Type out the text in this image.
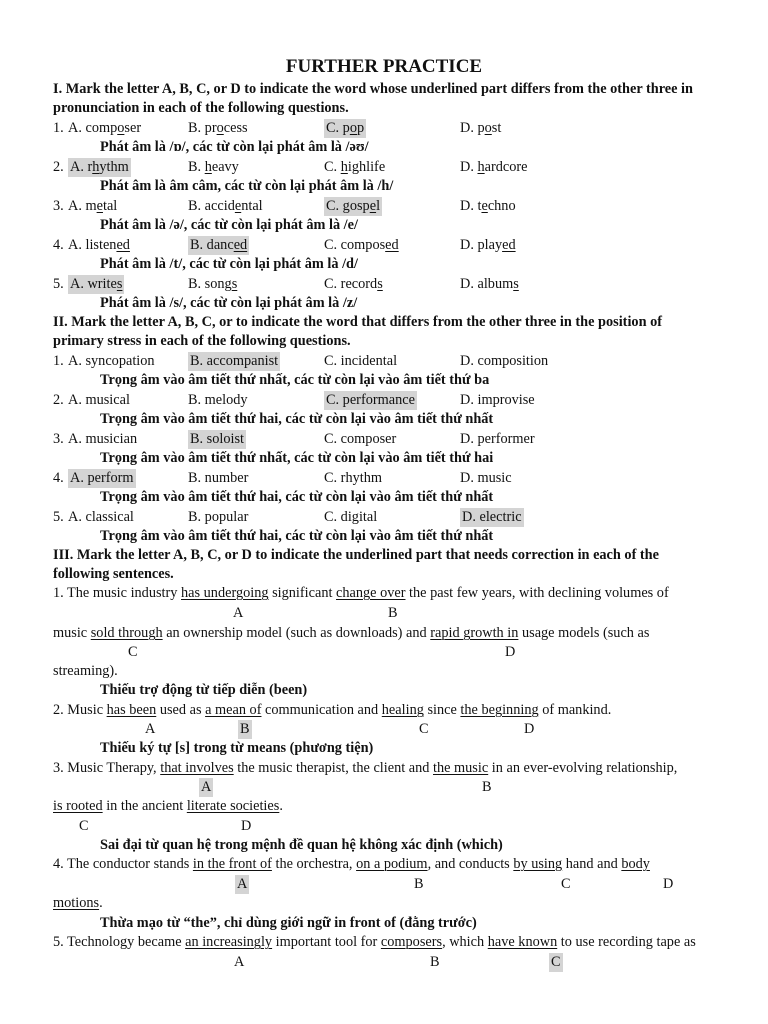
FURTHER PRACTICE
I. Mark the letter A, B, C, or D to indicate the word whose underlined part differs from the other three in
pronunciation in each of the following questions.
1. A. composer	B. process	C. pop	D. post
Phát âm là /ɒ/, các từ còn lại phát âm là /əʊ/
2. A. rhythm	B. heavy	C. highlife	D. hardcore
Phát âm là âm câm, các từ còn lại phát âm là /h/
3. A. metal	B. accidental	C. gospel	D. techno
Phát âm là /ə/, các từ còn lại phát âm là /e/
4. A. listened	B. danced	C. composed	D. played
Phát âm là /t/, các từ còn lại phát âm là /d/
5. A. writes	B. songs	C. records	D. albums
Phát âm là /s/, các từ còn lại phát âm là /z/
II. Mark the letter A, B, C, or to indicate the word that differs from the other three in the position of
primary stress in each of the following questions.
1. A. syncopation B. accompanist	C. incidental	D. composition
Trọng âm vào âm tiết thứ nhất, các từ còn lại vào âm tiết thứ ba
2. A. musical	B. melody	C. performance	D. improvise
Trọng âm vào âm tiết thứ hai, các từ còn lại vào âm tiết thứ nhất
3. A. musician	B. soloist	C. composer	D. performer
Trọng âm vào âm tiết thứ nhất, các từ còn lại vào âm tiết thứ hai
4. A. perform	B. number	C. rhythm	D. music
Trọng âm vào âm tiết thứ hai, các từ còn lại vào âm tiết thứ nhất
5. A. classical	B. popular	C. digital	D. electric
Trọng âm vào âm tiết thứ hai, các từ còn lại vào âm tiết thứ nhất
III. Mark the letter A, B, C, or D to indicate the underlined part that needs correction in each of the
following sentences.
1. The music industry has undergoing significant change over the past few years, with declining volumes of
A	B
music sold through an ownership model (such as downloads) and rapid growth in usage models (such as
C	D
streaming).
Thiếu trợ động từ tiếp diễn (been)
2. Music has been used as a mean of communication and healing since the beginning of mankind.
A	B	C	D
Thiếu ký tự [s] trong từ means (phương tiện)
3. Music Therapy, that involves the music therapist, the client and the music in an ever-evolving relationship,
A	B
is rooted in the ancient literate societies.
C	D
Sai đại từ quan hệ trong mệnh đề quan hệ không xác định (which)
4. The conductor stands in the front of the orchestra, on a podium, and conducts by using hand and body
A	B	C	D
motions.
Thừa mạo từ “the”, chỉ dùng giới ngữ in front of (đằng trước)
5. Technology became an increasingly important tool for composers, which have known to use recording tape as
A	B	C
